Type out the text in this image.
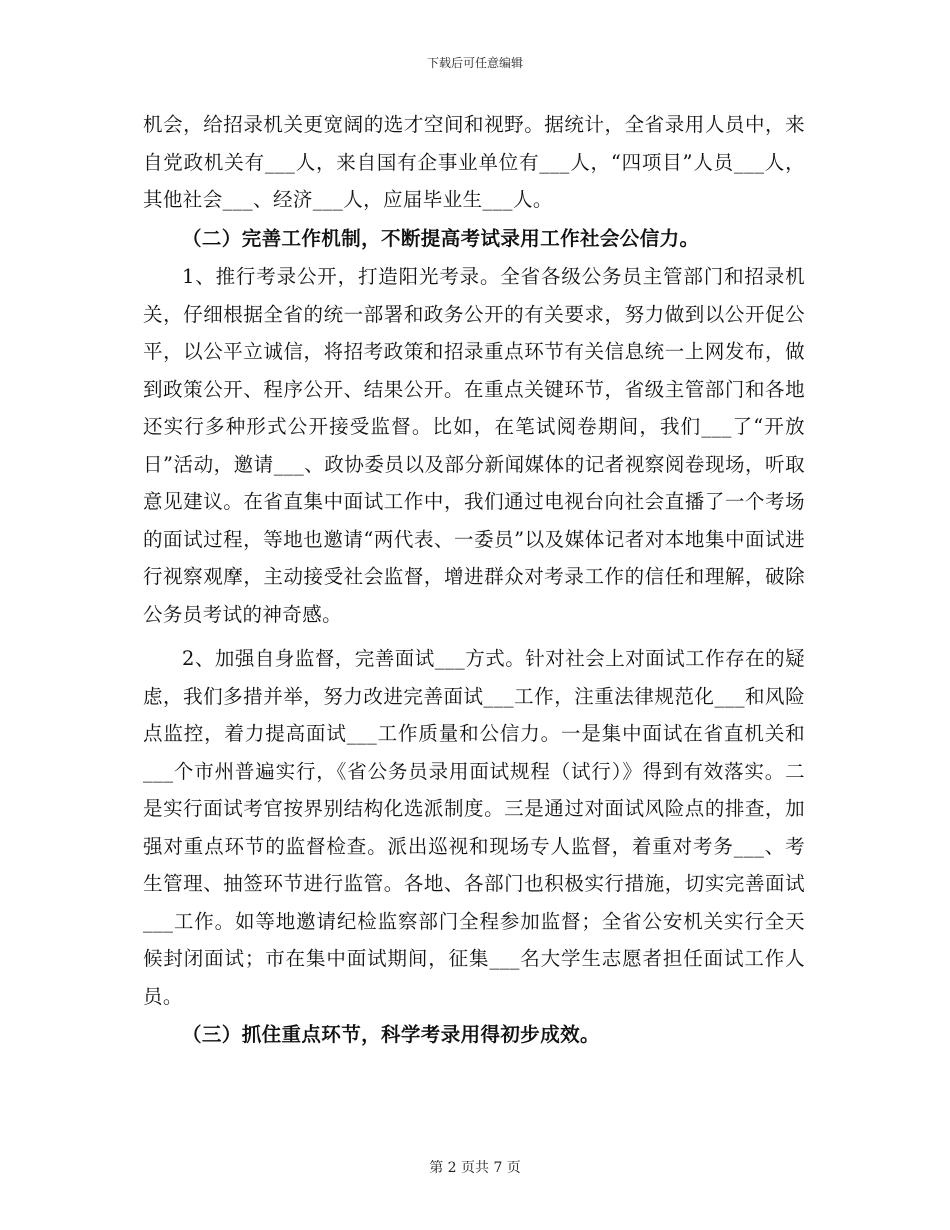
下载后可任意编辑

机会，给招录机关更宽阔的选才空间和视野。据统计，全省录用人员中，来自党政机关有___人，来自国有企事业单位有___人，“四项目”人员___人，其他社会___、经济___人，应届毕业生___人。

（二）完善工作机制，不断提高考试录用工作社会公信力。

1、推行考录公开，打造阳光考录。全省各级公务员主管部门和招录机关，仔细根据全省的统一部署和政务公开的有关要求，努力做到以公开促公平，以公平立诚信，将招考政策和招录重点环节有关信息统一上网发布，做到政策公开、程序公开、结果公开。在重点关键环节，省级主管部门和各地还实行多种形式公开接受监督。比如，在笔试阅卷期间，我们___了“开放日”活动，邀请___、政协委员以及部分新闻媒体的记者视察阅卷现场，听取意见建议。在省直集中面试工作中，我们通过电视台向社会直播了一个考场的面试过程，等地也邀请“两代表、一委员”以及媒体记者对本地集中面试进行视察观摩，主动接受社会监督，增进群众对考录工作的信任和理解，破除公务员考试的神奇感。

2、加强自身监督，完善面试___方式。针对社会上对面试工作存在的疑虑，我们多措并举，努力改进完善面试___工作，注重法律规范化___和风险点监控，着力提高面试___工作质量和公信力。一是集中面试在省直机关和___个市州普遍实行，《省公务员录用面试规程（试行）》得到有效落实。二是实行面试考官按界别结构化选派制度。三是通过对面试风险点的排查，加强对重点环节的监督检查。派出巡视和现场专人监督，着重对考务___、考生管理、抽签环节进行监管。各地、各部门也积极实行措施，切实完善面试___工作。如等地邀请纪检监察部门全程参加监督；全省公安机关实行全天候封闭面试；市在集中面试期间，征集___名大学生志愿者担任面试工作人员。

（三）抓住重点环节，科学考录用得初步成效。

第 2 页共 7 页
